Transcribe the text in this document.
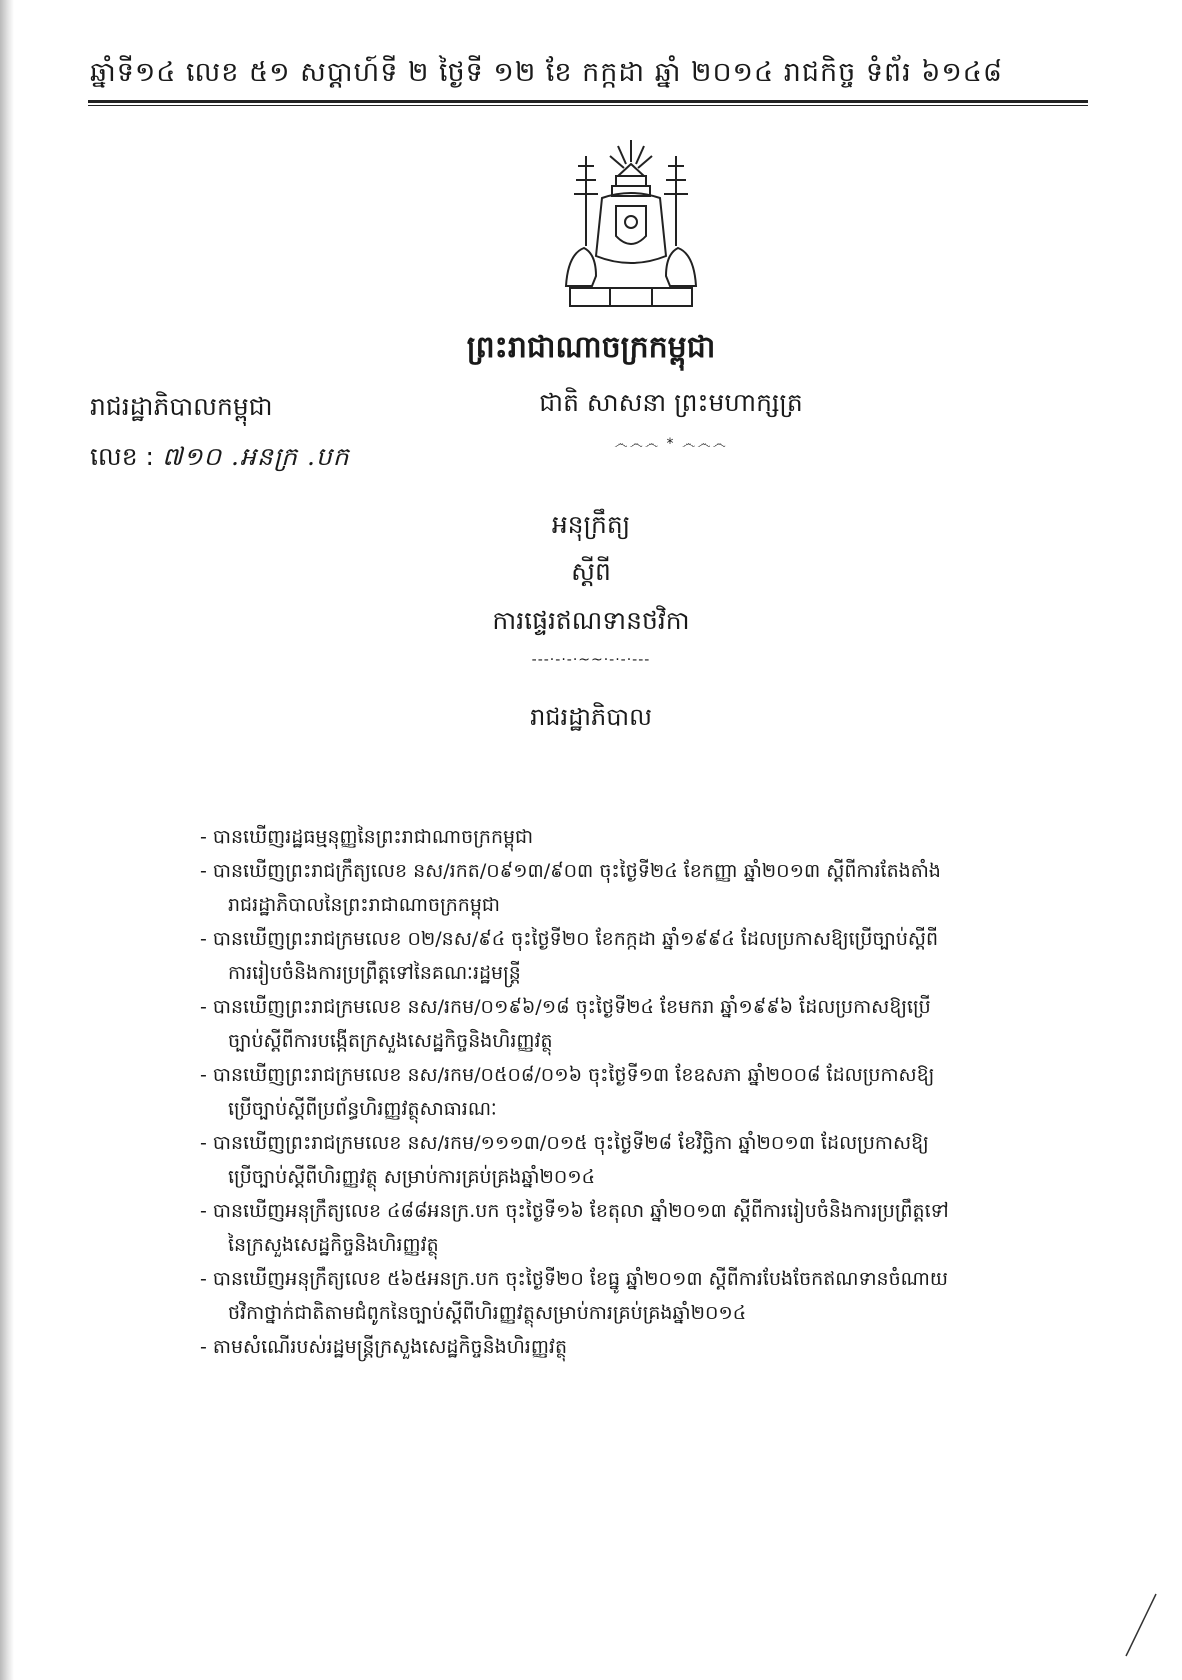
ឆ្នាំទី១៤ លេខ ៥១ សប្តាហ៍ទី ២ ថ្ងៃទី ១២ ខែ កក្កដា ឆ្នាំ ២០១៤ រាជកិច្ច ទំព័រ ៦១៤៨
ព្រះរាជាណាចក្រកម្ពុជា
រាជរដ្ឋាភិបាលកម្ពុជា	ជាតិ សាសនា ព្រះមហាក្សត្រ
លេខ : ៧១០ .អនក្រ .បក	෴෴෴ * ෴෴෴
អនុក្រឹត្យ
ស្តីពី
ការផ្ទេរឥណទានថវិកា
---·-·-·~~·-·-·---
រាជរដ្ឋាភិបាល

- បានឃើញរដ្ឋធម្មនុញ្ញនៃព្រះរាជាណាចក្រកម្ពុជា

- បានឃើញព្រះរាជក្រឹត្យលេខ នស/រកត/០៩១៣/៩០៣ ចុះថ្ងៃទី២៤ ខែកញ្ញា ឆ្នាំ២០១៣ ស្តីពីការតែងតាំង
រាជរដ្ឋាភិបាលនៃព្រះរាជាណាចក្រកម្ពុជា

- បានឃើញព្រះរាជក្រមលេខ ០២/នស/៩៤ ចុះថ្ងៃទី២០ ខែកក្កដា ឆ្នាំ១៩៩៤ ដែលប្រកាសឱ្យប្រើច្បាប់ស្តីពី
ការរៀបចំនិងការប្រព្រឹត្តទៅនៃគណៈរដ្ឋមន្ត្រី

- បានឃើញព្រះរាជក្រមលេខ នស/រកម/០១៩៦/១៨ ចុះថ្ងៃទី២៤ ខែមករា ឆ្នាំ១៩៩៦ ដែលប្រកាសឱ្យប្រើ
ច្បាប់ស្តីពីការបង្កើតក្រសួងសេដ្ឋកិច្ចនិងហិរញ្ញវត្ថុ

- បានឃើញព្រះរាជក្រមលេខ នស/រកម/០៥០៨/០១៦ ចុះថ្ងៃទី១៣ ខែឧសភា ឆ្នាំ២០០៨ ដែលប្រកាសឱ្យ
ប្រើច្បាប់ស្តីពីប្រព័ន្ធហិរញ្ញវត្ថុសាធារណៈ

- បានឃើញព្រះរាជក្រមលេខ នស/រកម/១១១៣/០១៥ ចុះថ្ងៃទី២៨ ខែវិច្ឆិកា ឆ្នាំ២០១៣ ដែលប្រកាសឱ្យ
ប្រើច្បាប់ស្តីពីហិរញ្ញវត្ថុ សម្រាប់ការគ្រប់គ្រងឆ្នាំ២០១៤

- បានឃើញអនុក្រឹត្យលេខ ៤៨៨អនក្រ.បក ចុះថ្ងៃទី១៦ ខែតុលា ឆ្នាំ២០១៣ ស្តីពីការរៀបចំនិងការប្រព្រឹត្តទៅ
នៃក្រសួងសេដ្ឋកិច្ចនិងហិរញ្ញវត្ថុ

- បានឃើញអនុក្រឹត្យលេខ ៥៦៥អនក្រ.បក ចុះថ្ងៃទី២០ ខែធ្នូ ឆ្នាំ២០១៣ ស្តីពីការបែងចែកឥណទានចំណាយ
ថវិកាថ្នាក់ជាតិតាមជំពូកនៃច្បាប់ស្តីពីហិរញ្ញវត្ថុសម្រាប់ការគ្រប់គ្រងឆ្នាំ២០១៤

- តាមសំណើរបស់រដ្ឋមន្ត្រីក្រសួងសេដ្ឋកិច្ចនិងហិរញ្ញវត្ថុ
